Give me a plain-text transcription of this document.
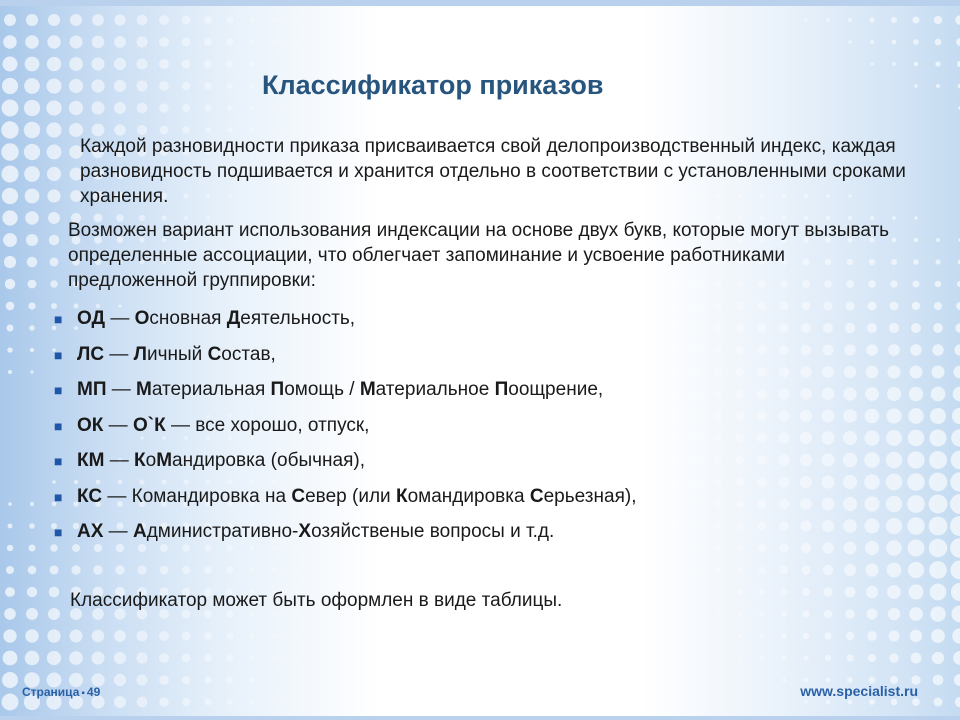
Классификатор приказов

Каждой разновидности приказа присваивается свой делопроизводственный индекс, каждая разновидность подшивается и хранится отдельно в соответствии с установленными сроками хранения.

Возможен вариант использования индексации на основе двух букв, которые могут вызывать определенные ассоциации, что облегчает запоминание и усвоение работниками предложенной группировки:

■ ОД — Основная Деятельность,
■ ЛС — Личный Состав,
■ МП — Материальная Помощь / Материальное Поощрение,
■ ОК — О`К — все хорошо, отпуск,
■ КМ — КоМандировка (обычная),
■ КС — Командировка на Север (или Командировка Серьезная),
■ АХ — Административно-Хозяйственые вопросы и т.д.

Классификатор может быть оформлен в виде таблицы.

Страница ▪ 49	www.specialist.ru
